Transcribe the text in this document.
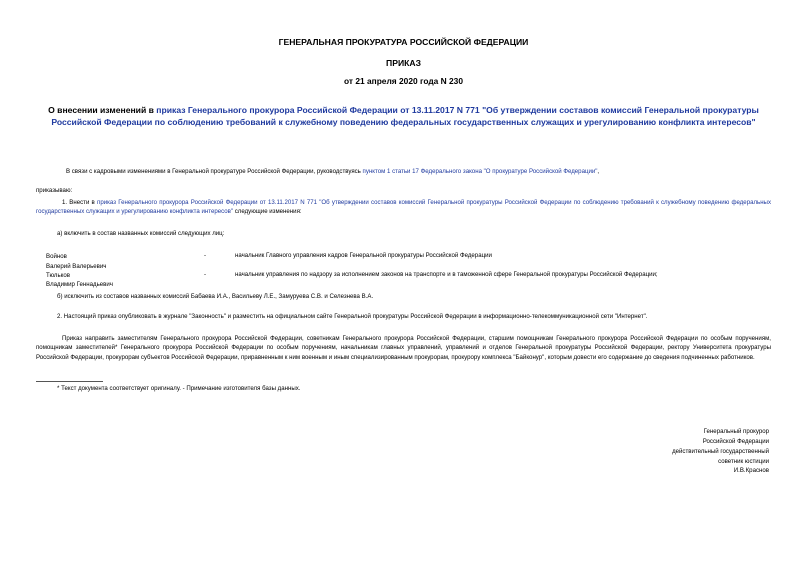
ГЕНЕРАЛЬНАЯ ПРОКУРАТУРА РОССИЙСКОЙ ФЕДЕРАЦИИ
ПРИКАЗ
от 21 апреля 2020 года N 230
О внесении изменений в приказ Генерального прокурора Российской Федерации от 13.11.2017 N 771 "Об утверждении составов комиссий Генеральной прокуратуры Российской Федерации по соблюдению требований к служебному поведению федеральных государственных служащих и урегулированию конфликта интересов"
В связи с кадровыми изменениями в Генеральной прокуратуре Российской Федерации, руководствуясь пунктом 1 статьи 17 Федерального закона "О прокуратуре Российской Федерации",
приказываю:
1. Внести в приказ Генерального прокурора Российской Федерации от 13.11.2017 N 771 "Об утверждении составов комиссий Генеральной прокуратуры Российской Федерации по соблюдению требований к служебному поведению федеральных государственных служащих и урегулированию конфликта интересов" следующие изменения:
а) включить в состав названных комиссий следующих лиц:
Войнов	-	начальник Главного управления кадров Генеральной прокуратуры Российской Федерации
Валерий Валерьевич
Тюльков	-	начальник управления по надзору за исполнением законов на транспорте и в таможенной сфере Генеральной прокуратуры Российской Федерации;
Владимир Геннадьевич
б) исключить из составов названных комиссий Бабаева И.А., Васильеву Л.Е., Замуруева С.В. и Селезнева В.А.
2. Настоящий приказ опубликовать в журнале "Законность" и разместить на официальном сайте Генеральной прокуратуры Российской Федерации в информационно-телекоммуникационной сети "Интернет".
Приказ направить заместителям Генерального прокурора Российской Федерации, советникам Генерального прокурора Российской Федерации, старшим помощникам Генерального прокурора Российской Федерации по особым поручениям, помощникам заместителей* Генерального прокурора Российской Федерации по особым поручениям, начальникам главных управлений, управлений и отделов Генеральной прокуратуры Российской Федерации, ректору Университета прокуратуры Российской Федерации, прокурорам субъектов Российской Федерации, приравненным к ним военным и иным специализированным прокурорам, прокурору комплекса "Байконур", которым довести его содержание до сведения подчиненных работников.
* Текст документа соответствует оригиналу. - Примечание изготовителя базы данных.
Генеральный прокурор
Российской Федерации
действительный государственный
советник юстиции
И.В.Краснов
